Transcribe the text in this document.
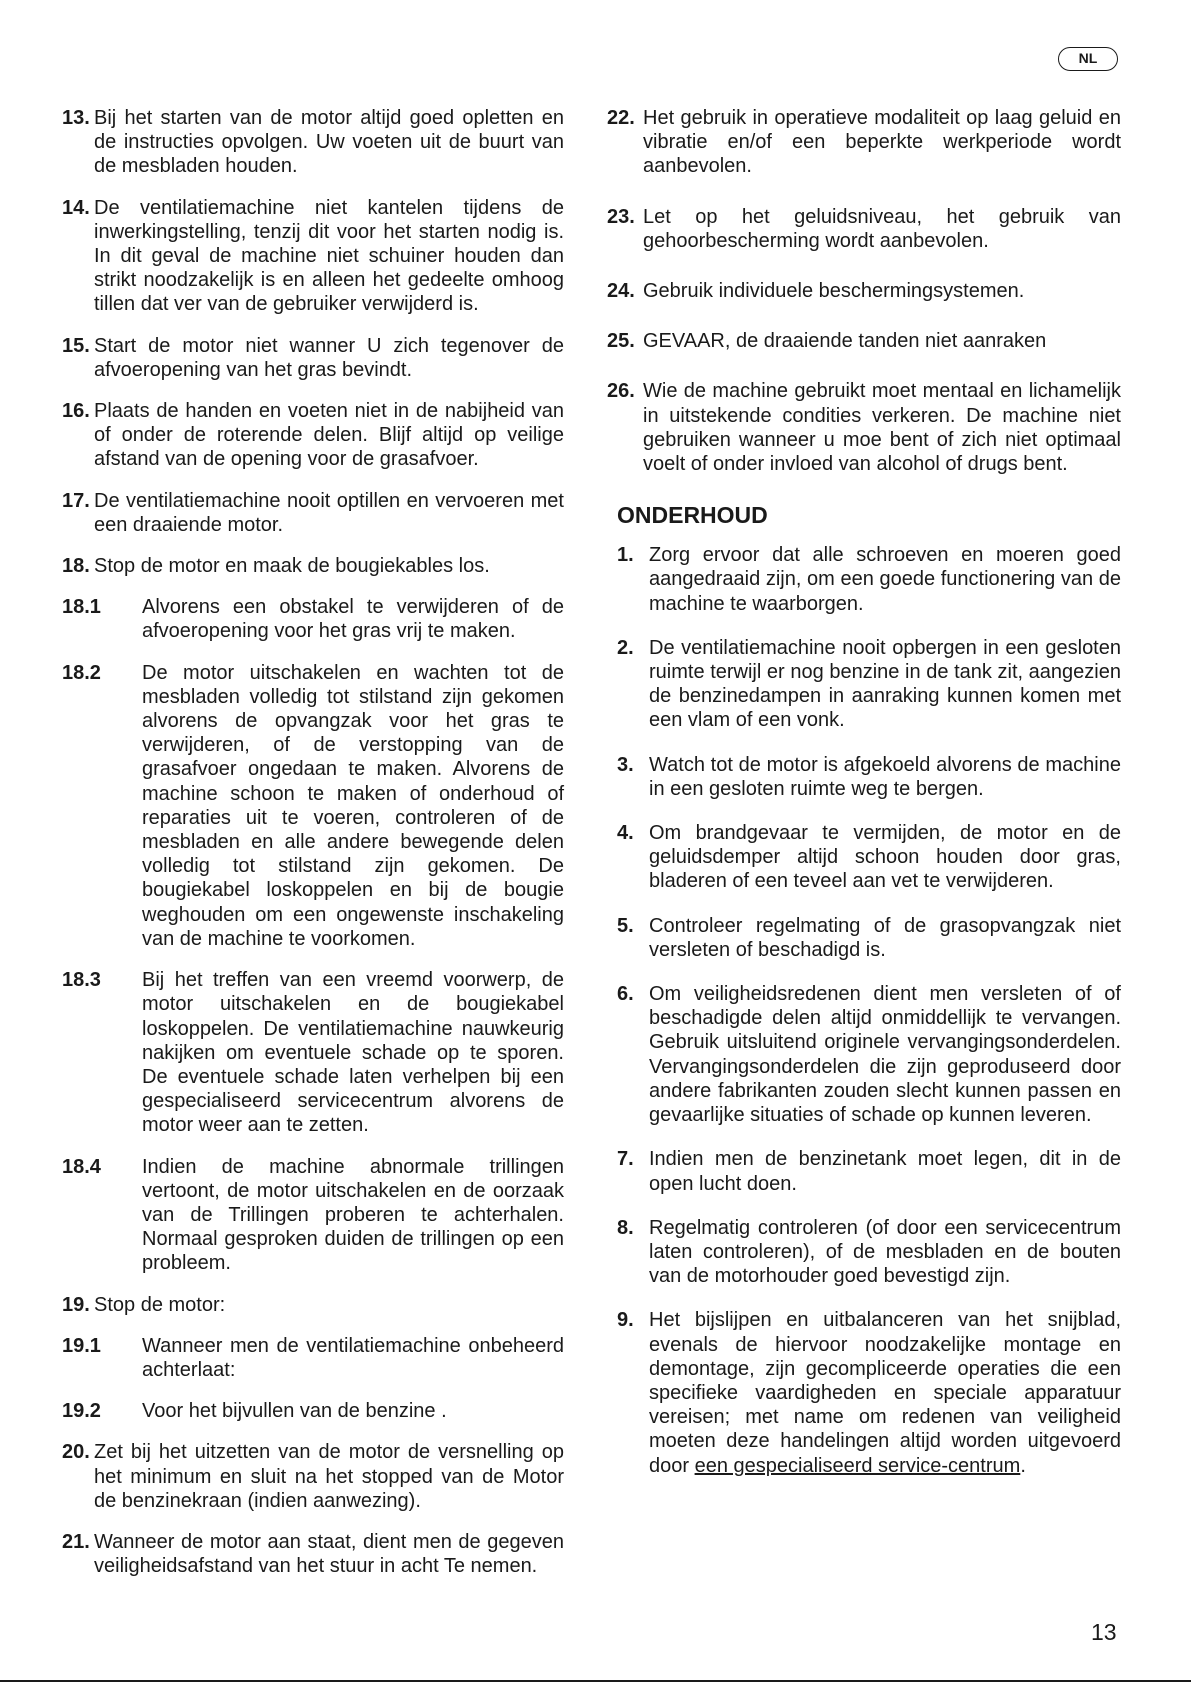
NL
13. Bij het starten van de motor altijd goed opletten en de instructies opvolgen. Uw voeten uit de buurt van de mesbladen houden.
14. De ventilatiemachine niet kantelen tijdens de inwerkingstelling, tenzij dit voor het starten nodig is. In dit geval de machine niet schuiner houden dan strikt noodzakelijk is en alleen het gedeelte omhoog tillen dat ver van de gebruiker verwijderd is.
15. Start de motor niet wanner U zich tegenover de afvoeropening van het gras bevindt.
16. Plaats de handen en voeten niet in de nabijheid van of onder de roterende delen. Blijf altijd op veilige afstand van de opening voor de grasafvoer.
17. De ventilatiemachine nooit optillen en vervoeren met een draaiende motor.
18. Stop de motor en maak de bougiekables los.
18.1	Alvorens een obstakel te verwijderen of de afvoeropening voor het gras vrij te maken.
18.2	De motor uitschakelen en wachten tot de mesbladen volledig tot stilstand zijn gekomen alvorens de opvangzak voor het gras te verwijderen, of de verstopping van de grasafvoer ongedaan te maken. Alvorens de machine schoon te maken of onderhoud of reparaties uit te voeren, controleren of de mesbladen en alle andere bewegende delen volledig tot stilstand zijn gekomen. De bougiekabel loskoppelen en bij de bougie weghouden om een ongewenste inschakeling van de machine te voorkomen.
18.3	Bij het treffen van een vreemd voorwerp, de motor uitschakelen en de bougiekabel loskoppelen. De ventilatiemachine nauwkeurig nakijken om eventuele schade op te sporen. De eventuele schade laten verhelpen bij een gespecialiseerd servicecentrum alvorens de motor weer aan te zetten.
18.4	Indien de machine abnormale trillingen vertoont, de motor uitschakelen en de oorzaak van de Trillingen proberen te achterhalen. Normaal gesproken duiden de trillingen op een probleem.
19. Stop de motor:
19.1	Wanneer men de ventilatiemachine onbeheerd achterlaat:
19.2	Voor het bijvullen van de benzine .
20. Zet bij het uitzetten van de motor de versnelling op het minimum en sluit na het stopped van de Motor de benzinekraan (indien aanwezing).
21. Wanneer de motor aan staat, dient men de gegeven veiligheidsafstand van het stuur in acht Te nemen.
22. Het gebruik in operatieve modaliteit op laag geluid en vibratie en/of een beperkte werkperiode wordt aanbevolen.
23. Let op het geluidsniveau, het gebruik van gehoorbescherming wordt aanbevolen.
24. Gebruik individuele beschermingsystemen.
25. GEVAAR, de draaiende tanden niet aanraken
26. Wie de machine gebruikt moet mentaal en lichamelijk in uitstekende condities verkeren. De machine niet gebruiken wanneer u moe bent of zich niet optimaal voelt of onder invloed van alcohol of drugs bent.
ONDERHOUD
1. Zorg ervoor dat alle schroeven en moeren goed aangedraaid zijn, om een goede functionering van de machine te waarborgen.
2. De ventilatiemachine nooit opbergen in een gesloten ruimte terwijl er nog benzine in de tank zit, aangezien de benzinedampen in aanraking kunnen komen met een vlam of een vonk.
3. Watch tot de motor is afgekoeld alvorens de machine in een gesloten ruimte weg te bergen.
4. Om brandgevaar te vermijden, de motor en de geluidsdemper altijd schoon houden door gras, bladeren of een teveel aan vet te verwijderen.
5. Controleer regelmating of de grasopvangzak niet versleten of beschadigd is.
6. Om veiligheidsredenen dient men versleten of of beschadigde delen altijd onmiddellijk te vervangen. Gebruik uitsluitend originele vervangingsonderdelen. Vervangingsonderdelen die zijn geproduseerd door andere fabrikanten zouden slecht kunnen passen en gevaarlijke situaties of schade op kunnen leveren.
7. Indien men de benzinetank moet legen, dit in de open lucht doen.
8. Regelmatig controleren (of door een servicecentrum laten controleren), of de mesbladen en de bouten van de motorhouder goed bevestigd zijn.
9. Het bijslijpen en uitbalanceren van het snijblad, evenals de hiervoor noodzakelijke montage en demontage, zijn gecompliceerde operaties die een specifieke vaardigheden en speciale apparatuur vereisen; met name om redenen van veiligheid moeten deze handelingen altijd worden uitgevoerd door een gespecialiseerd service-centrum.
13
